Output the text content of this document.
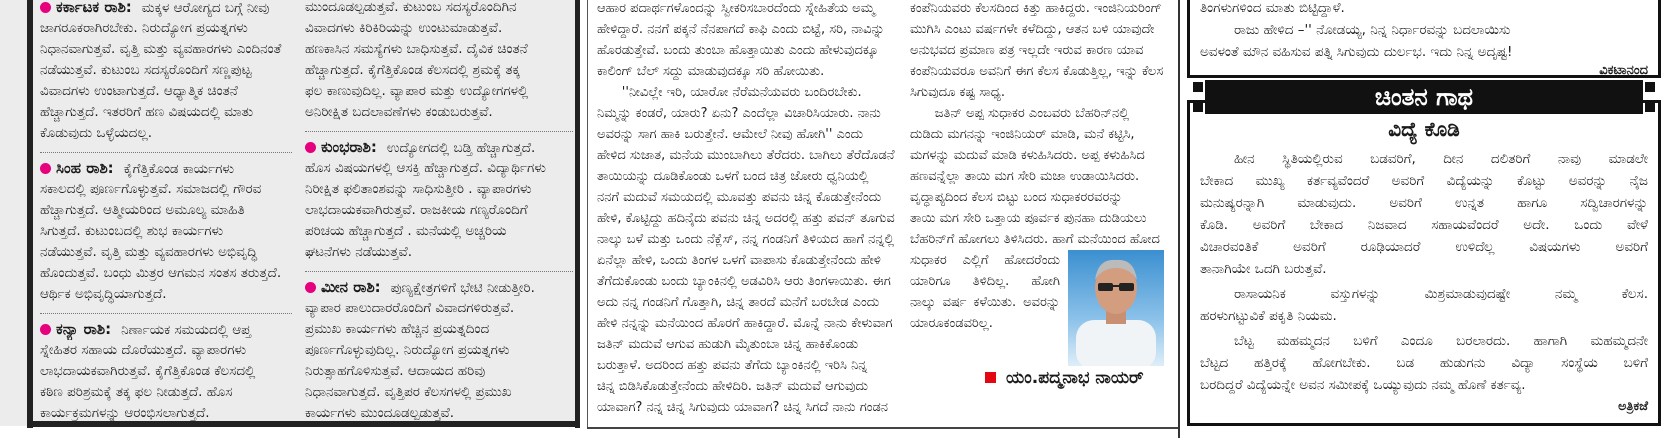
ಕರ್ಕಾಟಕ ರಾಶಿ: ಮಕ್ಕಳ ಆರೋಗ್ಯದ ಬಗ್ಗೆ ನೀವು
ಜಾಗರೂಕರಾಗಿರಬೇಕು. ನಿರುದ್ಯೋಗ ಪ್ರಯತ್ನಗಳು
ನಿಧಾನವಾಗುತ್ತವೆ. ವೃತ್ತಿ ಮತ್ತು ವ್ಯವಹಾರಗಳು ಎಂದಿನಂತೆ
ನಡೆಯುತ್ತವೆ. ಕುಟುಂಬ ಸದಸ್ಯರೊಂದಿಗೆ ಸಣ್ಣಪುಟ್ಟ
ವಿವಾದಗಳು ಉಂಟಾಗುತ್ತದೆ. ಆಧ್ಯಾತ್ಮಿಕ ಚಿಂತನೆ
ಹೆಚ್ಚಾಗುತ್ತದೆ. ಇತರರಿಗೆ ಹಣ ವಿಷಯದಲ್ಲಿ ಮಾತು
ಕೊಡುವುದು ಒಳ್ಳೆಯದಲ್ಲ.
ಸಿಂಹ ರಾಶಿ: ಕೈಗೆತ್ತಿಕೊಂಡ ಕಾರ್ಯಗಳು
ಸಕಾಲದಲ್ಲಿ ಪೂರ್ಣಗೊಳ್ಳುತ್ತವೆ. ಸಮಾಜದಲ್ಲಿ ಗೌರವ
ಹೆಚ್ಚಾಗುತ್ತದೆ. ಆತ್ಮೀಯರಿಂದ ಅಮೂಲ್ಯ ಮಾಹಿತಿ
ಸಿಗುತ್ತದೆ. ಕುಟುಂಬದಲ್ಲಿ ಶುಭ ಕಾರ್ಯಗಳು
ನಡೆಯುತ್ತವೆ. ವೃತ್ತಿ ಮತ್ತು ವ್ಯವಹಾರಗಳು ಅಭಿವೃದ್ಧಿ
ಹೊಂದುತ್ತವೆ. ಬಂಧು ಮಿತ್ರರ ಆಗಮನ ಸಂತಸ ತರುತ್ತದೆ.
ಆರ್ಥಿಕ ಅಭಿವೃದ್ಧಿಯಾಗುತ್ತದೆ.
ಕನ್ಯಾ ರಾಶಿ: ನಿರ್ಣಾಯಕ ಸಮಯದಲ್ಲಿ ಆಪ್ತ
ಸ್ನೇಹಿತರ ಸಹಾಯ ದೊರೆಯುತ್ತದೆ. ವ್ಯಾಪಾರಗಳು
ಲಾಭದಾಯಕವಾಗಿರುತ್ತವೆ. ಕೈಗೆತ್ತಿಕೊಂಡ ಕೆಲಸದಲ್ಲಿ
ಕಠಿಣ ಪರಿಶ್ರಮಕ್ಕೆ ತಕ್ಕ ಫಲ ನೀಡುತ್ತದೆ. ಹೊಸ
ಕಾರ್ಯಕ್ರಮಗಳನ್ನು ಆರಂಭಿಸಲಾಗುತ್ತದೆ.
ಮುಂದೂಡಲ್ಪಡುತ್ತವೆ. ಕುಟುಂಬ ಸದಸ್ಯರೊಂದಿಗಿನ
ವಿವಾದಗಳು ಕಿರಿಕಿರಿಯನ್ನು ಉಂಟುಮಾಡುತ್ತವೆ.
ಹಣಕಾಸಿನ ಸಮಸ್ಯೆಗಳು ಬಾಧಿಸುತ್ತವೆ. ದೈವಿಕ ಚಿಂತನೆ
ಹೆಚ್ಚಾಗುತ್ತದೆ. ಕೈಗೆತ್ತಿಕೊಂಡ ಕೆಲಸದಲ್ಲಿ ಶ್ರಮಕ್ಕೆ ತಕ್ಕ
ಫಲ ಕಾಣುವುದಿಲ್ಲ. ವ್ಯಾಪಾರ ಮತ್ತು ಉದ್ಯೋಗಗಳಲ್ಲಿ
ಅನಿರೀಕ್ಷಿತ ಬದಲಾವಣೆಗಳು ಕಂಡುಬರುತ್ತವೆ.
ಕುಂಭರಾಶಿ: ಉದ್ಯೋಗದಲ್ಲಿ ಬಡ್ತಿ ಹೆಚ್ಚಾಗುತ್ತದೆ.
ಹೊಸ ವಿಷಯಗಳಲ್ಲಿ ಆಸಕ್ತಿ ಹೆಚ್ಚಾಗುತ್ತದೆ. ವಿದ್ಯಾರ್ಥಿಗಳು
ನಿರೀಕ್ಷಿತ ಫಲಿತಾಂಶವನ್ನು ಸಾಧಿಸುತ್ತೀರಿ . ವ್ಯಾಪಾರಗಳು
ಲಾಭದಾಯಕವಾಗಿರುತ್ತವೆ. ರಾಜಕೀಯ ಗಣ್ಯರೊಂದಿಗೆ
ಪರಿಚಯ ಹೆಚ್ಚಾಗುತ್ತದೆ . ಮನೆಯಲ್ಲಿ ಅಚ್ಚರಿಯ
ಘಟನೆಗಳು ನಡೆಯುತ್ತವೆ.
ಮೀನ ರಾಶಿ: ಪುಣ್ಯಕ್ಷೇತ್ರಗಳಿಗೆ ಭೇಟಿ ನೀಡುತ್ತೀರಿ.
ವ್ಯಾಪಾರ ಪಾಲುದಾರರೊಂದಿಗೆ ವಿವಾದಗಳಿರುತ್ತವೆ.
ಪ್ರಮುಖ ಕಾರ್ಯಗಳು ಹೆಚ್ಚಿನ ಪ್ರಯತ್ನದಿಂದ
ಪೂರ್ಣಗೊಳ್ಳುವುದಿಲ್ಲ. ನಿರುದ್ಯೋಗ ಪ್ರಯತ್ನಗಳು
ನಿರುತ್ಸಾಹಗೊಳಿಸುತ್ತವೆ. ಆದಾಯದ ಹರಿವು
ನಿಧಾನವಾಗುತ್ತದೆ. ವೃತ್ತಿಪರ ಕೆಲಸಗಳಲ್ಲಿ ಪ್ರಮುಖ
ಕಾರ್ಯಗಳು ಮುಂದೂಡಲ್ಪಡುತ್ತವೆ.
ಆಹಾರ ಪದಾರ್ಥಗಳೊಂದನ್ನು ಸ್ವೀಕರಿಸಬಾರದೆಂದು ಸ್ನೇಹಿತೆಯ ಅಮ್ಮ
ಹೇಳಿದ್ದಾರೆ. ನನಗೆ ಪಕ್ಕನೆ ನೆನಪಾಗದೆ ಕಾಫಿ ಎಂದು ಬಿಟ್ಟೆ, ಸರಿ, ನಾವಿನ್ನು
ಹೊರಡುತ್ತೇವೆ. ಬಂದು ತುಂಬಾ ಹೊತ್ತಾಯಿತು ಎಂದು ಹೇಳುವುದಕ್ಕೂ
ಕಾಲಿಂಗ್ ಬೆಲ್ ಸದ್ದು ಮಾಡುವುದಕ್ಕೂ ಸರಿ ಹೋಯಿತು.
''ನೀವಿಲ್ಲೇ ಇರಿ, ಯಾರೋ ನೆರೆಮನೆಯವರು ಬಂದಿರಬೇಕು.
ನಿಮ್ಮನ್ನು ಕಂಡರೆ, ಯಾರು? ಏನು? ಎಂದೆಲ್ಲಾ ವಿಚಾರಿಸಿಯಾರು. ನಾನು
ಅವರನ್ನು ಸಾಗ ಹಾಕಿ ಬರುತ್ತೇನೆ. ಆಮೇಲೆ ನೀವು ಹೋಗಿ'' ಎಂದು
ಹೇಳಿದ ಸುಜಾತ, ಮನೆಯ ಮುಂಬಾಗಿಲು ತೆರೆದರು. ಬಾಗಿಲು ತೆರೆದೊಡನೆ
ತಾಯಿಯನ್ನು ದೂಡಿಕೊಂಡು ಒಳಗೆ ಬಂದ ಚಿತ್ರ ಜೋರು ಧ್ವನಿಯಲ್ಲಿ
ನನಗೆ ಮದುವೆ ಸಮಯದಲ್ಲಿ ಮೂವತ್ತು ಪವನು ಚಿನ್ನ ಕೊಡುತ್ತೇನೆಂದು
ಹೇಳಿ, ಕೊಟ್ಟಿದ್ದು ಹದಿನೈದು ಪವನು ಚಿನ್ನ ಅದರಲ್ಲಿ ಹತ್ತು ಪವನ್ ತೂಗುವ
ನಾಲ್ಕು ಬಳೆ ಮತ್ತು ಒಂದು ನೆಕ್ಲೆಸ್, ನನ್ನ ಗಂಡನಿಗೆ ತಿಳಿಯದ ಹಾಗೆ ನನ್ನಲ್ಲಿ
ಏನೆಲ್ಲಾ ಹೇಳಿ, ಒಂದು ತಿಂಗಳ ಒಳಗೆ ವಾಪಾಸು ಕೊಡುತ್ತೇನೆಂದು ಹೇಳಿ
ತೆಗೆದುಕೊಂಡು ಬಂದು ಬ್ಯಾಂಕಿನಲ್ಲಿ ಅಡವಿರಿಸಿ ಆರು ತಿಂಗಳಾಯಿತು. ಈಗ
ಅದು ನನ್ನ ಗಂಡನಿಗೆ ಗೊತ್ತಾಗಿ, ಚಿನ್ನ ತಾರದೆ ಮನೆಗೆ ಬರಬೇಡ ಎಂದು
ಹೇಳಿ ನನ್ನನ್ನು ಮನೆಯಿಂದ ಹೊರಗೆ ಹಾಕಿದ್ದಾರೆ. ಮೊನ್ನೆ ನಾನು ಕೇಳುವಾಗ
ಜತಿನ್ ಮದುವೆ ಆಗುವ ಹುಡುಗಿ ಮೈತುಂಬಾ ಚಿನ್ನ ಹಾಕಿಕೊಂಡು
ಬರುತ್ತಾಳೆ. ಅದರಿಂದ ಹತ್ತು ಪವನು ತೆಗೆದು ಬ್ಯಾಂಕಿನಲ್ಲಿ ಇರಿಸಿ ನಿನ್ನ
ಚಿನ್ನ ಬಿಡಿಸಿಕೊಡುತ್ತೇನೆಂದು ಹೇಳಿದಿರಿ. ಜತಿನ್ ಮದುವೆ ಆಗುವುದು
ಯಾವಾಗ? ನನ್ನ ಚಿನ್ನ ಸಿಗುವುದು ಯಾವಾಗ? ಚಿನ್ನ ಸಿಗದೆ ನಾನು ಗಂಡನ
ಕಂಪೆನಿಯವರು ಕೆಲಸದಿಂದ ಕಿತ್ತು ಹಾಕಿದ್ದರು. ಇಂಜಿನಿಯರಿಂಗ್
ಮುಗಿಸಿ ಎಂಟು ವರ್ಷಗಳೇ ಕಳೆದಿದ್ದು, ಆತನ ಬಳಿ ಯಾವುದೇ
ಅನುಭವದ ಪ್ರಮಾಣ ಪತ್ರ ಇಲ್ಲದೇ ಇರುವ ಕಾರಣ ಯಾವ
ಕಂಪೆನಿಯವರೂ ಅವನಿಗೆ ಈಗ ಕೆಲಸ ಕೊಡುತ್ತಿಲ್ಲ, ಇನ್ನು ಕೆಲಸ
ಸಿಗುವುದೂ ಕಷ್ಟ ಸಾಧ್ಯ.
ಜತಿನ್ ಅಪ್ಪ ಸುಧಾಕರ ಎಂಬವರು ಬೆಹರಿನ್‌ನಲ್ಲಿ
ದುಡಿದು ಮಗನನ್ನು ಇಂಜಿನಿಯರ್ ಮಾಡಿ, ಮನೆ ಕಟ್ಟಿಸಿ,
ಮಗಳನ್ನು ಮದುವೆ ಮಾಡಿ ಕಳುಹಿಸಿದರು. ಅಪ್ಪ ಕಳುಹಿಸಿದ
ಹಣವನ್ನೆಲ್ಲಾ ತಾಯಿ ಮಗ ಸೇರಿ ಮಜಾ ಉಡಾಯಿಸಿದರು.
ವೃದ್ಧಾಪ್ಯದಿಂದ ಕೆಲಸ ಬಿಟ್ಟು ಬಂದ ಸುಧಾಕರರವರನ್ನು
ತಾಯಿ ಮಗ ಸೇರಿ ಒತ್ತಾಯ ಪೂರ್ವಕ ಪುನಹಾ ದುಡಿಯಲು
ಬೆಹರಿನ್‌ಗೆ ಹೋಗಲು ತಿಳಿಸಿದರು. ಹಾಗೆ ಮನೆಯಿಂದ ಹೋದ
ಸುಧಾಕರ ಎಲ್ಲಿಗೆ ಹೋದರೆಂದು
ಯಾರಿಗೂ ತಿಳಿದಿಲ್ಲ. ಹೋಗಿ
ನಾಲ್ಕು ವರ್ಷ ಕಳೆಯಿತು. ಅವರನ್ನು
ಯಾರೂಕಂಡವರಿಲ್ಲ.
ಯಂ.ಪದ್ಮನಾಭ ನಾಯರ್
ತಿಂಗಳುಗಳಿಂದ ಮಾತು ಬಿಟ್ಟಿದ್ದಾಳೆ.
ರಾಜು ಹೇಳಿದ –'' ನೋಡಯ್ಯ, ನಿನ್ನ ನಿರ್ಧಾರವನ್ನು ಬದಲಾಯಿಸು
ಅವಳಂತೆ ಮೌನ ವಹಿಸುವ ಪತ್ನಿ ಸಿಗುವುದು ದುರ್ಲಭ. ಇದು ನಿನ್ನ ಅದೃಷ್ಟ!
ವಿಕಟಾನಂದ
ಚಿಂತನ ಗಾಥ
ವಿದ್ಯೆ ಕೊಡಿ
ಹೀನ ಸ್ಥಿತಿಯಲ್ಲಿರುವ ಬಡವರಿಗೆ, ದೀನ ದಲಿತರಿಗೆ ನಾವು ಮಾಡಲೇ
ಬೇಕಾದ ಮುಖ್ಯ ಕರ್ತವ್ಯವೆಂದರೆ ಅವರಿಗೆ ವಿದ್ಯೆಯನ್ನು ಕೊಟ್ಟು ಅವರನ್ನು ನೈಜ
ಮನುಷ್ಯರನ್ನಾಗಿ ಮಾಡುವುದು. ಅವರಿಗೆ ಉನ್ನತ ಹಾಗೂ ಸದ್ವಿಚಾರಗಳನ್ನು
ಕೊಡಿ. ಅವರಿಗೆ ಬೇಕಾದ ನಿಜವಾದ ಸಹಾಯವೆಂದರೆ ಅದೇ. ಒಂದು ವೇಳೆ
ವಿಚಾರವಂತಿಕೆ ಅವರಿಗೆ ರೂಢಿಯಾದರೆ ಉಳಿದೆಲ್ಲ ವಿಷಯಗಳು ಅವರಿಗೆ
ತಾನಾಗಿಯೇ ಒದಗಿ ಬರುತ್ತವೆ.
ರಾಸಾಯನಿಕ ವಸ್ತುಗಳನ್ನು ಮಿಶ್ರಮಾಡುವುದಷ್ಟೇ ನಮ್ಮ ಕೆಲಸ.
ಹರಳುಗಟ್ಟುವಿಕೆ ಪಕೃತಿ ನಿಯಮ.
ಬೆಟ್ಟ ಮಹಮ್ಮದನ ಬಳಿಗೆ ಎಂದೂ ಬರಲಾರದು. ಹಾಗಾಗಿ ಮಹಮ್ಮದನೇ
ಬೆಟ್ಟದ ಹತ್ತಿರಕ್ಕೆ ಹೋಗಬೇಕು. ಬಡ ಹುಡುಗನು ವಿದ್ಯಾ ಸಂಸ್ಥೆಯ ಬಳಿಗೆ
ಬರದಿದ್ದರೆ ವಿದ್ಯೆಯನ್ನೇ ಅವನ ಸಮೀಪಕ್ಕೆ ಒಯ್ಯುವುದು ನಮ್ಮ ಹೊಣೆ ಕರ್ತವ್ಯ.
ಅತ್ರಿಕಜೆ
